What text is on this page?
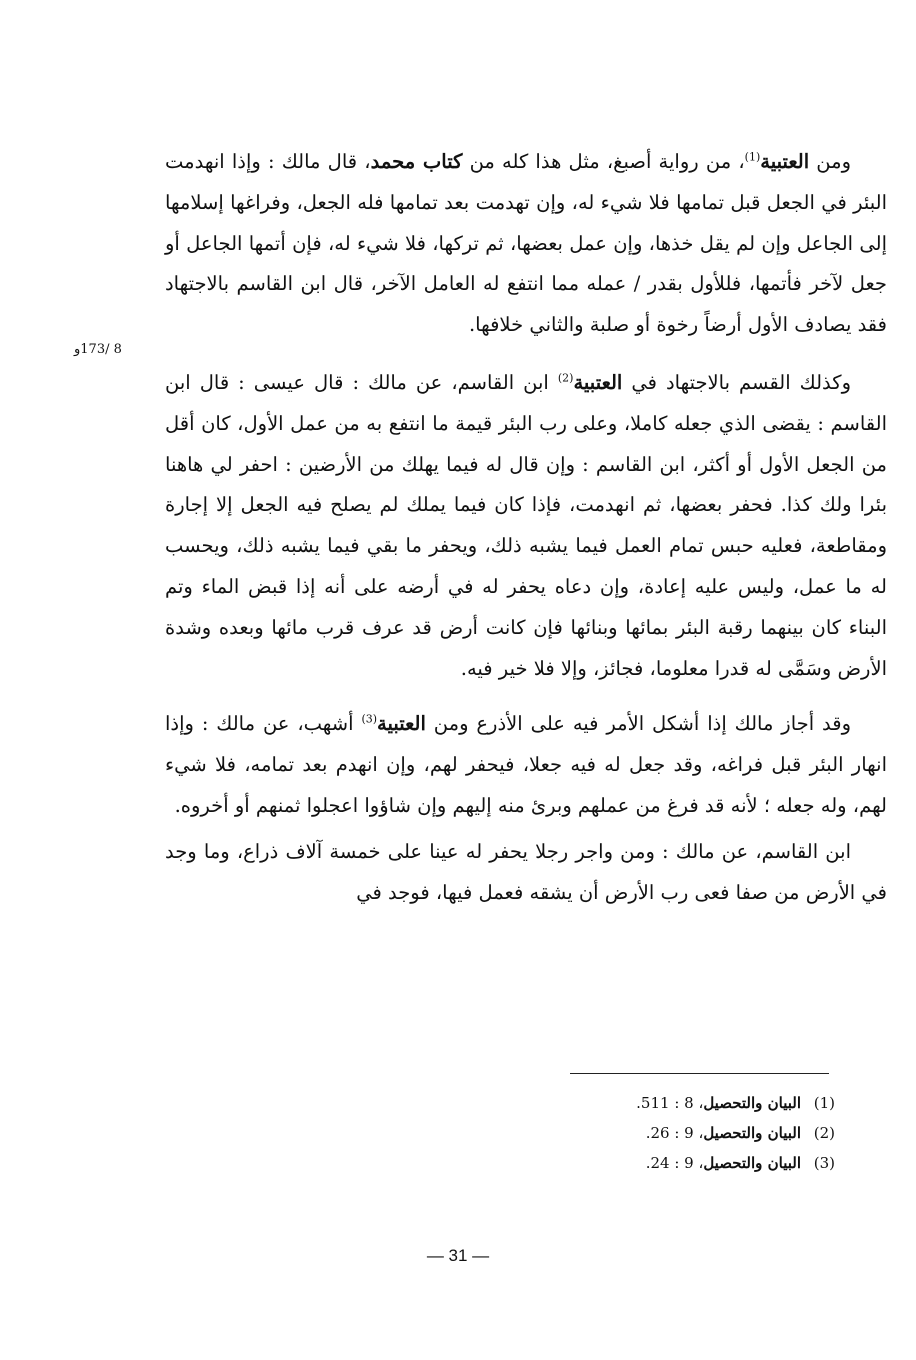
ومن العتبية$^{(1)}$، من رواية أصبغ، مثل هذا كله من كتاب محمد، قال مالك : وإذا انهدمت البئر في الجعل قبل تمامها فلا شيء له، وإن تهدمت بعد تمامها فله الجعل، وفراغها إسلامها إلى الجاعل وإن لم يقل خذها، وإن عمل بعضها، ثم تركها، فلا شيء له، فإن أتمها الجاعل أو جعل لآخر فأتمها، فللأول بقدر / عمله مما انتفع له العامل الآخر، قال ابن القاسم بالاجتهاد فقد يصادف الأول أرضاً رخوة أو صلبة والثاني خلافها.

وكذلك القسم بالاجتهاد في العتبية$^{(2)}$ ابن القاسم، عن مالك : قال عيسى : قال ابن القاسم : يقضى الذي جعله كاملا، وعلى رب البئر قيمة ما انتفع به من عمل الأول، كان أقل من الجعل الأول أو أكثر، ابن القاسم : وإن قال له فيما يهلك من الأرضين : احفر لي هاهنا بئرا ولك كذا. فحفر بعضها، ثم انهدمت، فإذا كان فيما يملك لم يصلح فيه الجعل إلا إجارة ومقاطعة، فعليه حبس تمام العمل فيما يشبه ذلك، ويحفر ما بقي فيما يشبه ذلك، ويحسب له ما عمل، وليس عليه إعادة، وإن دعاه يحفر له في أرضه على أنه إذا قبض الماء وتم البناء كان بينهما رقبة البئر بمائها وبنائها فإن كانت أرض قد عرف قرب مائها وبعده وشدة الأرض وسَمَّى له قدرا معلوما، فجائز، وإلا فلا خير فيه.

وقد أجاز مالك إذا أشكل الأمر فيه على الأذرع ومن العتبية$^{(3)}$ أشهب، عن مالك : وإذا انهار البئر قبل فراغه، وقد جعل له فيه جعلا، فيحفر لهم، وإن انهدم بعد تمامه، فلا شيء لهم، وله جعله ؛ لأنه قد فرغ من عملهم وبرئ منه إليهم وإن شاؤوا اعجلوا ثمنهم أو أخروه.

ابن القاسم، عن مالك : ومن واجر رجلا يحفر له عينا على خمسة آلاف ذراع، وما وجد في الأرض من صفا فعى رب الأرض أن يشقه فعمل فيها، فوجد في

8 /173و
(1)
البيان والتحصيل، 8 : 511.
(2)
البيان والتحصيل، 9 : 26.
(3)
البيان والتحصيل، 9 : 24.
— 31 —
